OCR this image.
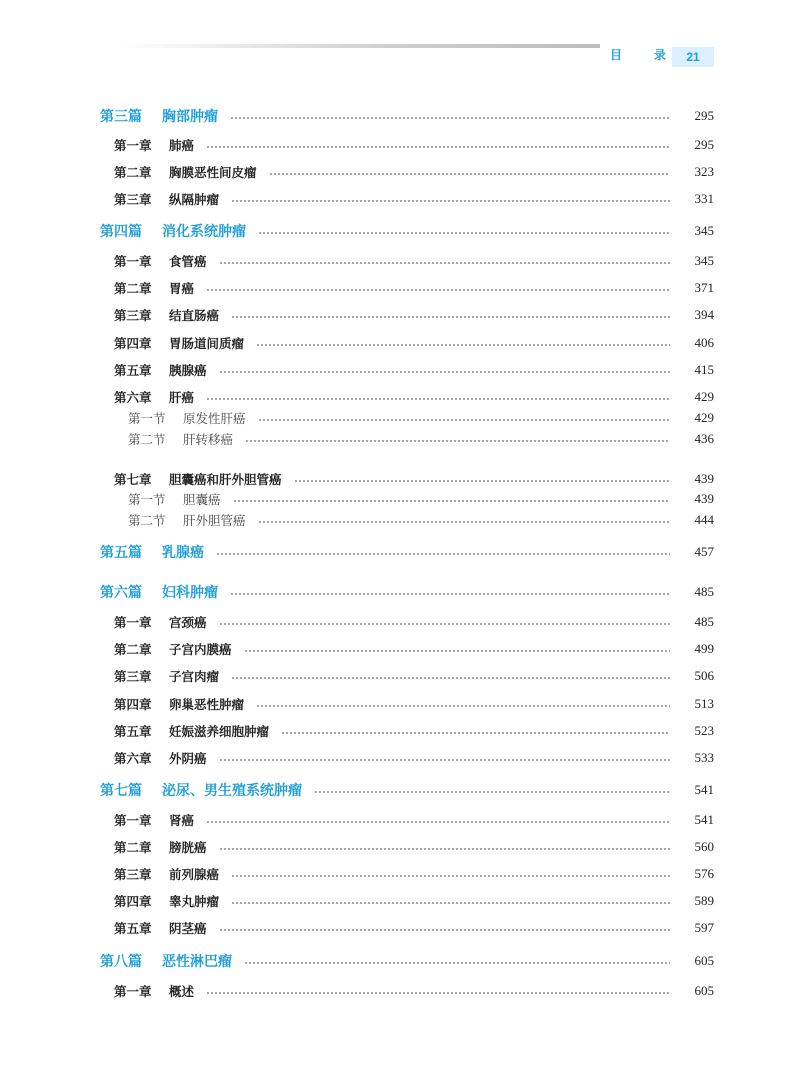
目	录	21
第三篇	胸部肿瘤	295
第一章	肺癌	295
第二章	胸膜恶性间皮瘤	323
第三章	纵隔肿瘤	331
第四篇	消化系统肿瘤	345
第一章	食管癌	345
第二章	胃癌	371
第三章	结直肠癌	394
第四章	胃肠道间质瘤	406
第五章	胰腺癌	415
第六章	肝癌	429
第一节	原发性肝癌	429
第二节	肝转移癌	436
第七章	胆囊癌和肝外胆管癌	439
第一节	胆囊癌	439
第二节	肝外胆管癌	444
第五篇	乳腺癌	457
第六篇	妇科肿瘤	485
第一章	宫颈癌	485
第二章	子宫内膜癌	499
第三章	子宫肉瘤	506
第四章	卵巢恶性肿瘤	513
第五章	妊娠滋养细胞肿瘤	523
第六章	外阴癌	533
第七篇	泌尿、男生殖系统肿瘤	541
第一章	肾癌	541
第二章	膀胱癌	560
第三章	前列腺癌	576
第四章	睾丸肿瘤	589
第五章	阴茎癌	597
第八篇	恶性淋巴瘤	605
第一章	概述	605
